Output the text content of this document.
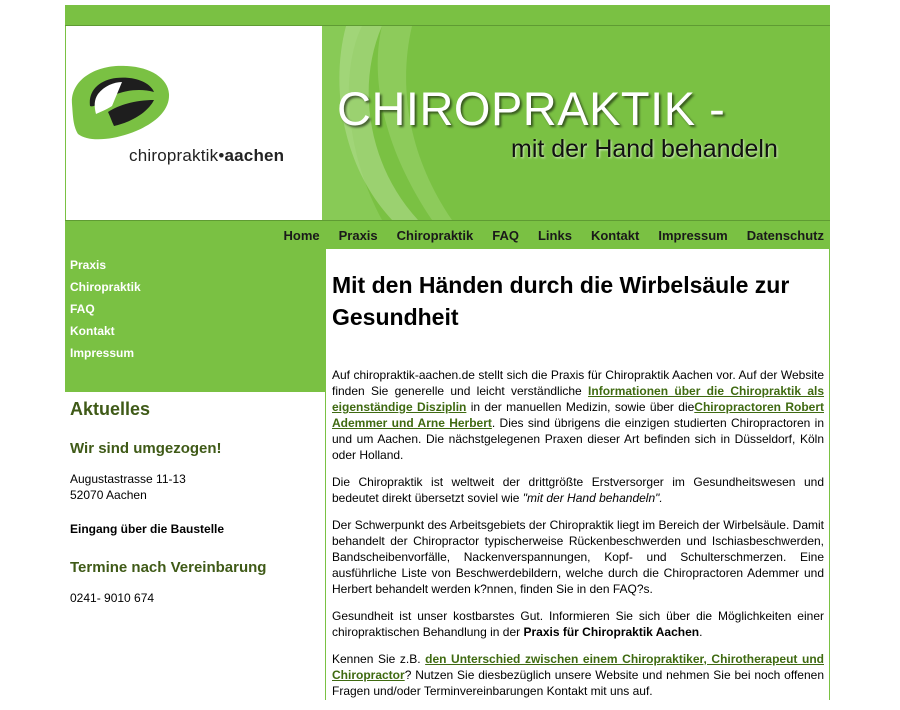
chiropraktik•aachen
CHIROPRAKTIK -
mit der Hand behandeln
Home Praxis Chiropraktik FAQ Links Kontakt Impressum Datenschutz
Praxis
Chiropraktik
FAQ
Kontakt
Impressum
Aktuelles
Wir sind umgezogen!

Augustastrasse 11-13

52070 Aachen

Eingang über die Baustelle

Termine nach Vereinbarung

0241- 9010 674

Mit den Händen durch die Wirbelsäule zur Gesundheit

Auf chiropraktik-aachen.de stellt sich die Praxis für Chiropraktik Aachen vor. Auf der Website finden Sie generelle und leicht verständliche Informationen über die Chiropraktik als eigenständige Disziplin in der manuellen Medizin, sowie über dieChiropractoren Robert Ademmer und Arne Herbert. Dies sind übrigens die einzigen studierten Chiropractoren in und um Aachen. Die nächstgelegenen Praxen dieser Art befinden sich in Düsseldorf, Köln oder Holland.

Die Chiropraktik ist weltweit der drittgrößte Erstversorger im Gesundheitswesen und bedeutet direkt übersetzt soviel wie "mit der Hand behandeln".

Der Schwerpunkt des Arbeitsgebiets der Chiropraktik liegt im Bereich der Wirbelsäule. Damit behandelt der Chiropractor typischerweise Rückenbeschwerden und Ischiasbeschwerden, Bandscheibenvorfälle, Nackenverspannungen, Kopf- und Schulterschmerzen. Eine ausführliche Liste von Beschwerdebildern, welche durch die Chiropractoren Ademmer und Herbert behandelt werden k?nnen, finden Sie in den FAQ?s.

Gesundheit ist unser kostbarstes Gut. Informieren Sie sich über die Möglichkeiten einer chiropraktischen Behandlung in der Praxis für Chiropraktik Aachen.

Kennen Sie z.B. den Unterschied zwischen einem Chiropraktiker, Chirotherapeut und Chiropractor? Nutzen Sie diesbezüglich unsere Website und nehmen Sie bei noch offenen Fragen und/oder Terminvereinbarungen Kontakt mit uns auf.
